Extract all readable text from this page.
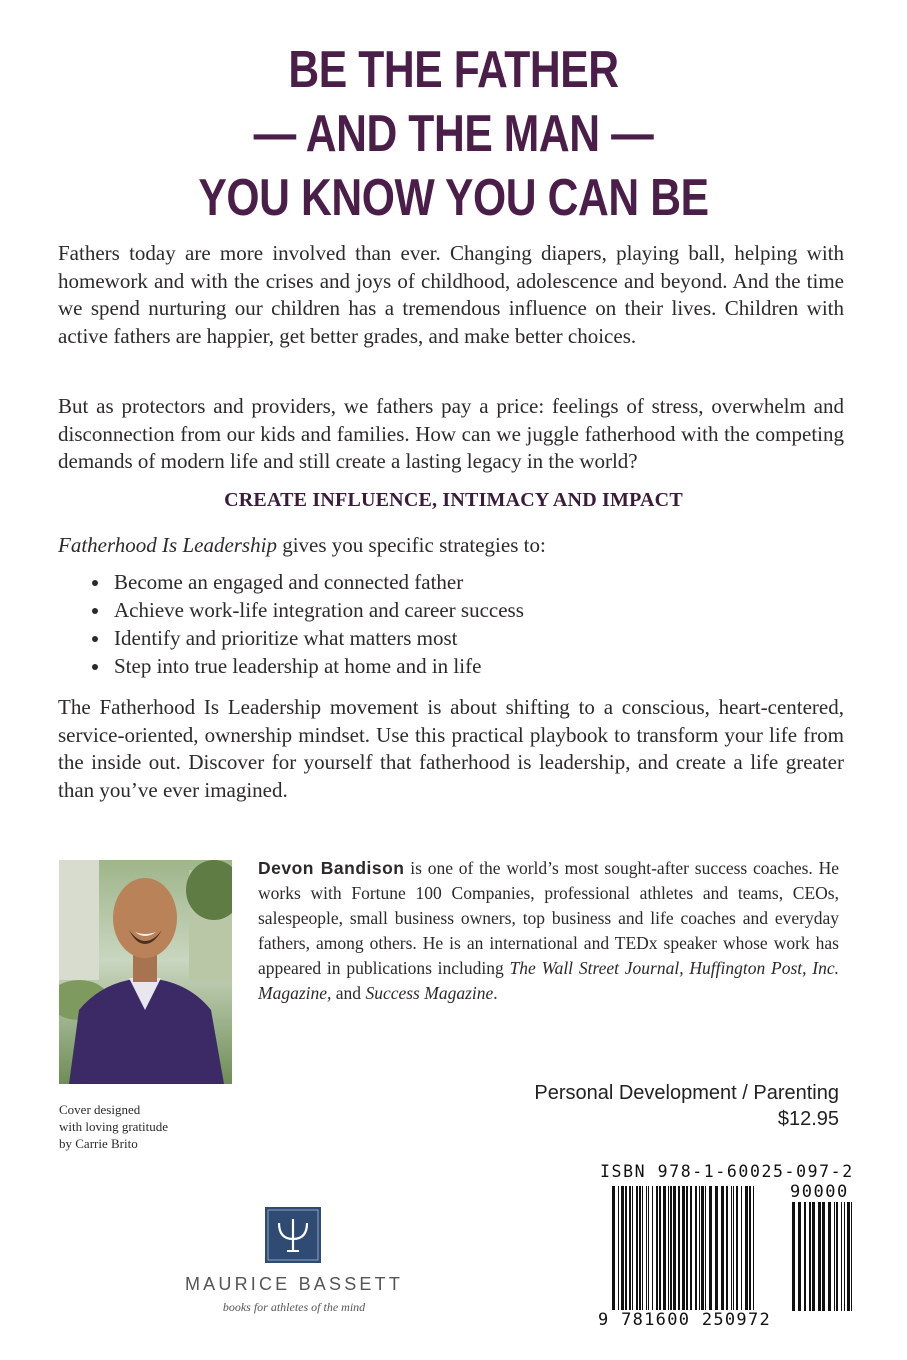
BE THE FATHER
— AND THE MAN —
YOU KNOW YOU CAN BE

Fathers today are more involved than ever. Changing diapers, playing ball, helping with homework and with the crises and joys of childhood, adolescence and beyond. And the time we spend nurturing our children has a tremendous influence on their lives. Children with active fathers are happier, get better grades, and make better choices.

But as protectors and providers, we fathers pay a price: feelings of stress, overwhelm and disconnection from our kids and families. How can we juggle fatherhood with the competing demands of modern life and still create a lasting legacy in the world?

CREATE INFLUENCE, INTIMACY AND IMPACT

Fatherhood Is Leadership gives you specific strategies to:

Become an engaged and connected father
Achieve work-life integration and career success
Identify and prioritize what matters most
Step into true leadership at home and in life

The Fatherhood Is Leadership movement is about shifting to a conscious, heart-centered, service-oriented, ownership mindset. Use this practical playbook to transform your life from the inside out. Discover for yourself that fatherhood is leadership, and create a life greater than you’ve ever imagined.

Devon Bandison is one of the world’s most sought-after success coaches. He works with Fortune 100 Companies, professional athletes and teams, CEOs, salespeople, small business owners, top business and life coaches and everyday fathers, among others. He is an international and TEDx speaker whose work has appeared in publications including The Wall Street Journal, Huffington Post, Inc. Magazine, and Success Magazine.
Cover designed
with loving gratitude
by Carrie Brito
Personal Development / Parenting
$12.95
ISBN 978-1-60025-097-2
90000
9 781600 250972
MAURICE BASSETT
books for athletes of the mind
